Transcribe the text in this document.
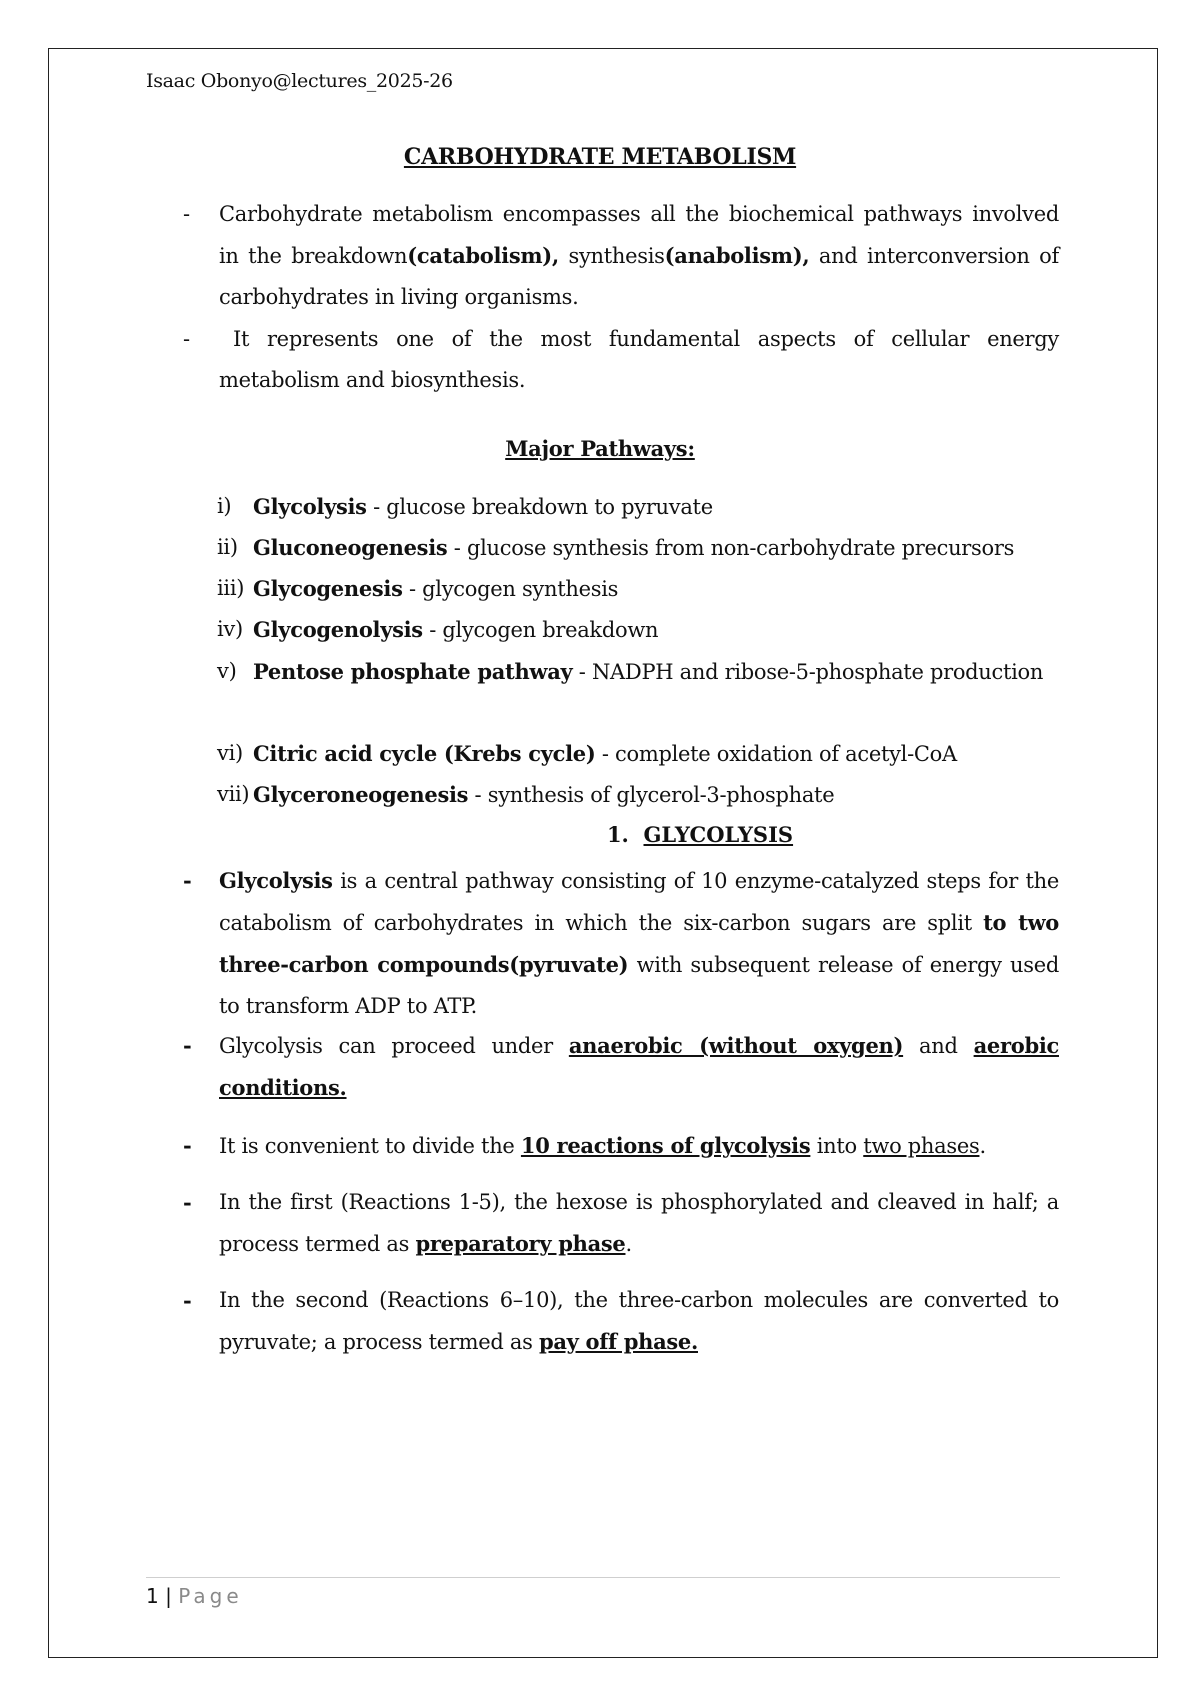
Isaac Obonyo@lectures_2025-26
CARBOHYDRATE METABOLISM
- Carbohydrate metabolism encompasses all the biochemical pathways involved in the breakdown(catabolism), synthesis(anabolism), and interconversion of carbohydrates in living organisms.
-	It represents one of the most fundamental aspects of cellular energy metabolism and biosynthesis.
Major Pathways:
i) Glycolysis - glucose breakdown to pyruvate
ii) Gluconeogenesis - glucose synthesis from non-carbohydrate precursors
iii) Glycogenesis - glycogen synthesis
iv) Glycogenolysis - glycogen breakdown
v) Pentose phosphate pathway - NADPH and ribose-5-phosphate production
vi) Citric acid cycle (Krebs cycle) - complete oxidation of acetyl-CoA
vii) Glyceroneogenesis - synthesis of glycerol-3-phosphate
1. GLYCOLYSIS
- Glycolysis is a central pathway consisting of 10 enzyme-catalyzed steps for the catabolism of carbohydrates in which the six-carbon sugars are split to two three-carbon compounds(pyruvate) with subsequent release of energy used to transform ADP to ATP.
- Glycolysis can proceed under anaerobic (without oxygen) and aerobic conditions.
- It is convenient to divide the 10 reactions of glycolysis into two phases.
- In the first (Reactions 1-5), the hexose is phosphorylated and cleaved in half; a process termed as preparatory phase.
- In the second (Reactions 6–10), the three-carbon molecules are converted to pyruvate; a process termed as pay off phase.
1 | Page
